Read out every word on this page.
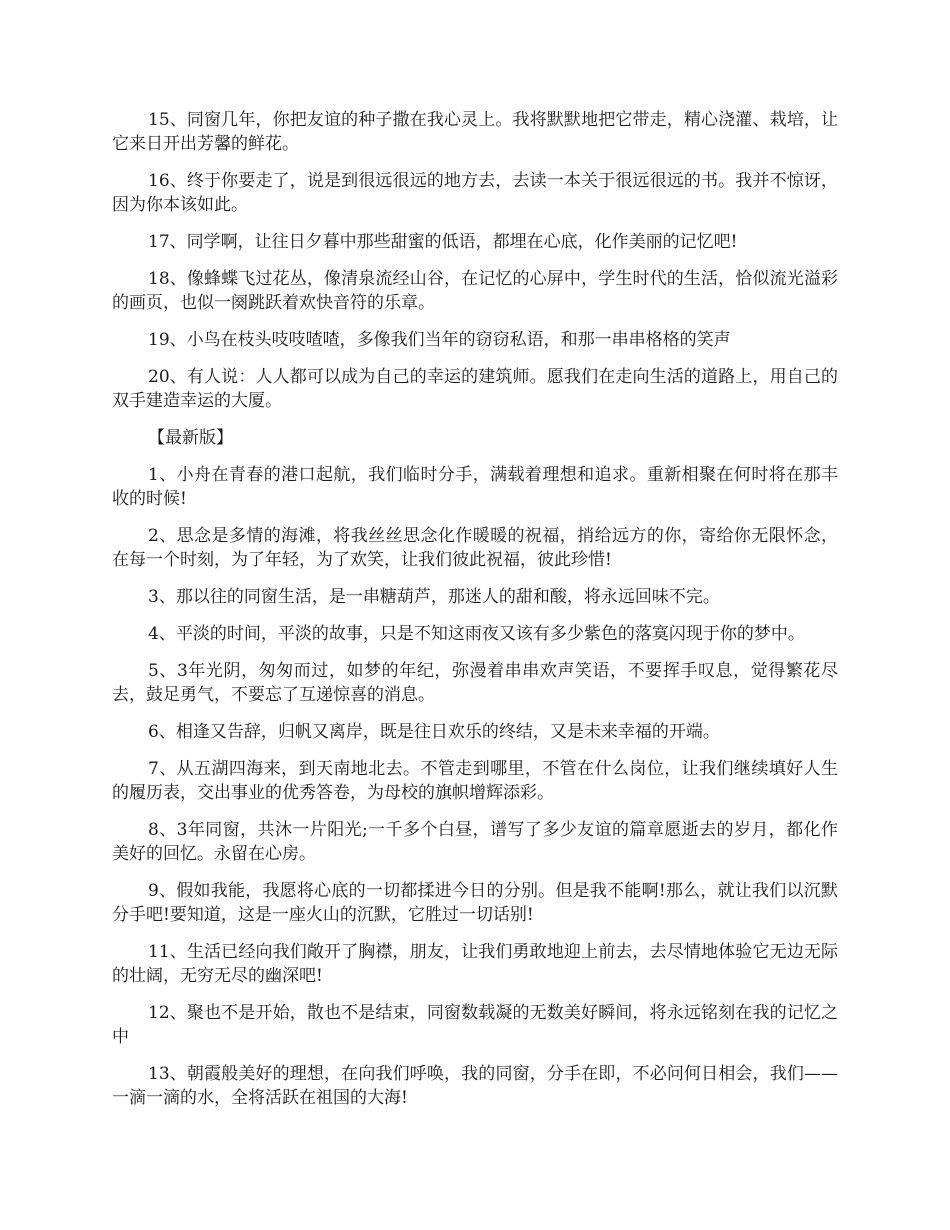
15、同窗几年，你把友谊的种子撒在我心灵上。我将默默地把它带走，精心浇灌、栽培，让它来日开出芳馨的鲜花。

16、终于你要走了，说是到很远很远的地方去，去读一本关于很远很远的书。我并不惊讶，因为你本该如此。

17、同学啊，让往日夕暮中那些甜蜜的低语，都埋在心底，化作美丽的记忆吧!

18、像蜂蝶飞过花丛，像清泉流经山谷，在记忆的心屏中，学生时代的生活，恰似流光溢彩的画页，也似一阕跳跃着欢快音符的乐章。

19、小鸟在枝头吱吱喳喳，多像我们当年的窃窃私语，和那一串串格格的笑声

20、有人说：人人都可以成为自己的幸运的建筑师。愿我们在走向生活的道路上，用自己的双手建造幸运的大厦。

【最新版】

1、小舟在青春的港口起航，我们临时分手，满载着理想和追求。重新相聚在何时将在那丰收的时候!

2、思念是多情的海滩，将我丝丝思念化作暖暖的祝福，捎给远方的你，寄给你无限怀念，在每一个时刻，为了年轻，为了欢笑，让我们彼此祝福，彼此珍惜!

3、那以往的同窗生活，是一串糖葫芦，那迷人的甜和酸，将永远回味不完。

4、平淡的时间，平淡的故事，只是不知这雨夜又该有多少紫色的落寞闪现于你的梦中。

5、3年光阴，匆匆而过，如梦的年纪，弥漫着串串欢声笑语，不要挥手叹息，觉得繁花尽去，鼓足勇气，不要忘了互递惊喜的消息。

6、相逢又告辞，归帆又离岸，既是往日欢乐的终结，又是未来幸福的开端。

7、从五湖四海来，到天南地北去。不管走到哪里，不管在什么岗位，让我们继续填好人生的履历表，交出事业的优秀答卷，为母校的旗帜增辉添彩。

8、3年同窗，共沐一片阳光;一千多个白昼，谱写了多少友谊的篇章愿逝去的岁月，都化作美好的回忆。永留在心房。

9、假如我能，我愿将心底的一切都揉进今日的分别。但是我不能啊!那么，就让我们以沉默分手吧!要知道，这是一座火山的沉默，它胜过一切话别!

11、生活已经向我们敞开了胸襟，朋友，让我们勇敢地迎上前去，去尽情地体验它无边无际的壮阔，无穷无尽的幽深吧!

12、聚也不是开始，散也不是结束，同窗数载凝的无数美好瞬间，将永远铭刻在我的记忆之中

13、朝霞般美好的理想，在向我们呼唤，我的同窗，分手在即，不必问何日相会，我们——一滴一滴的水，全将活跃在祖国的大海!
